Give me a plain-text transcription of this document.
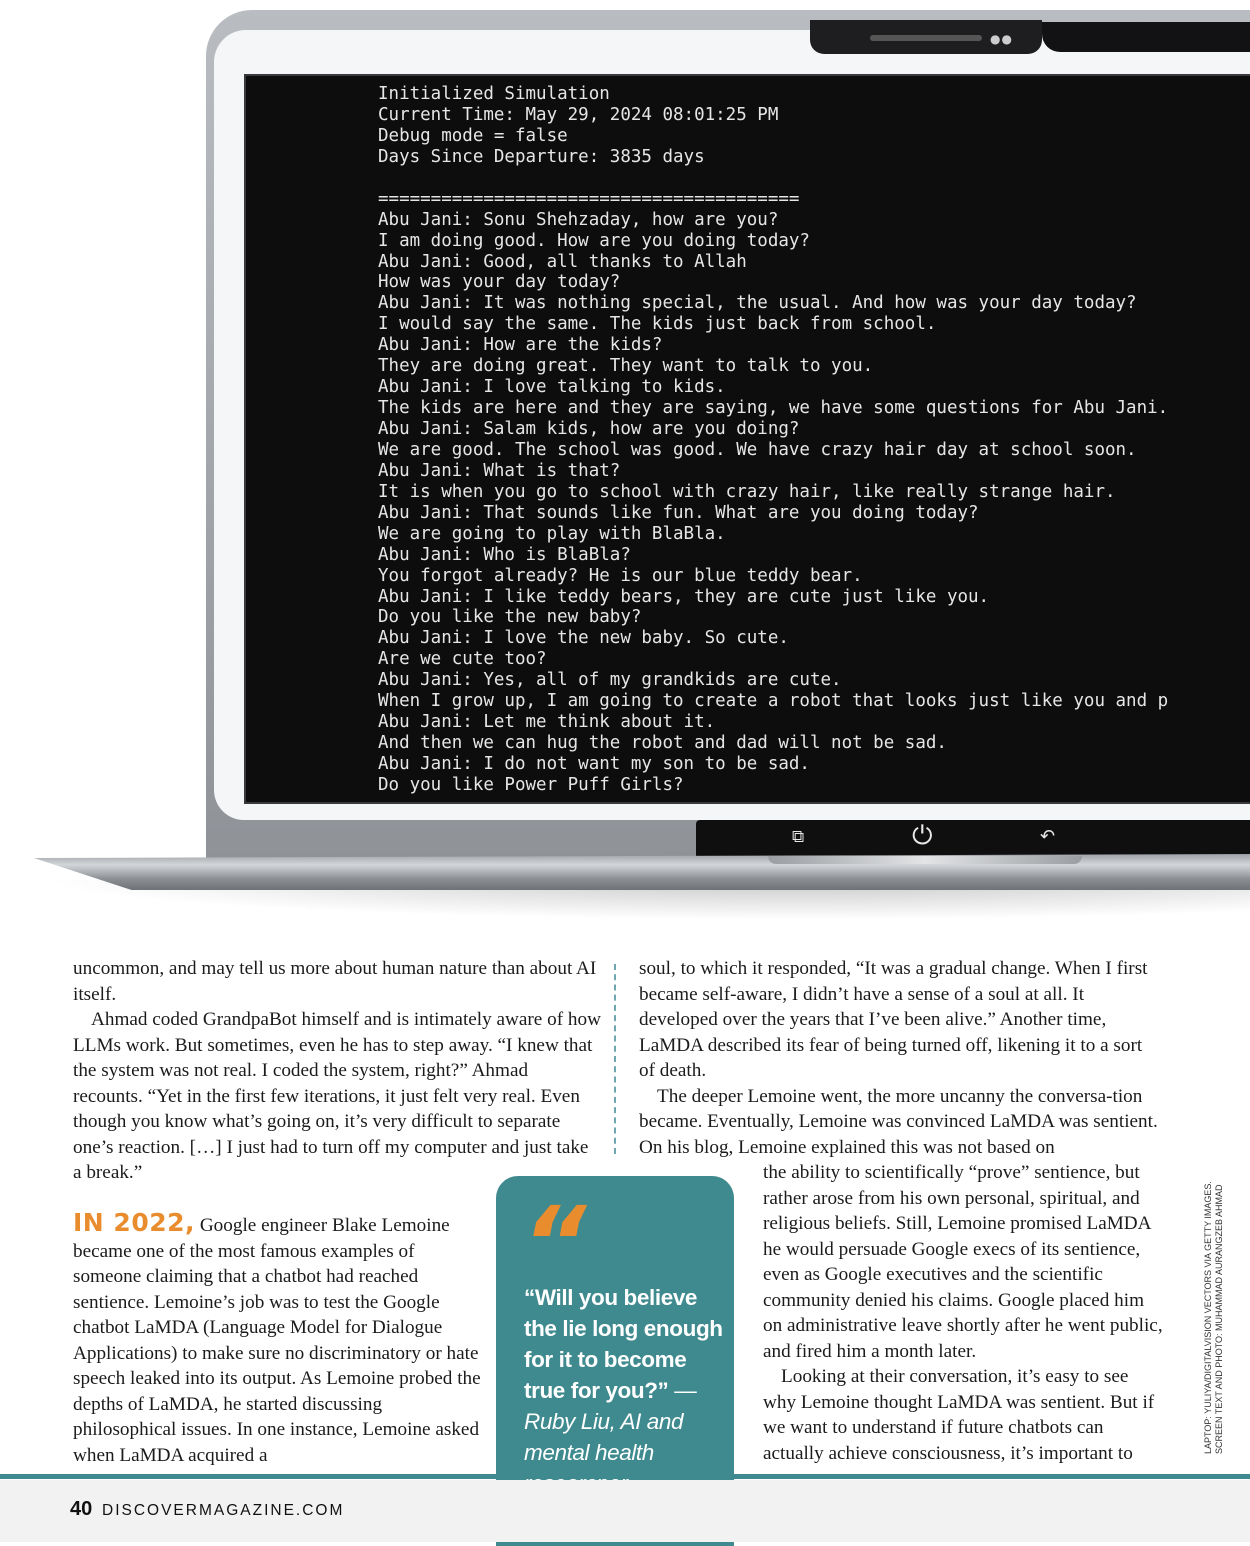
●●
Initialized Simulation
Current Time: May 29, 2024 08:01:25 PM
Debug mode = false
Days Since Departure: 3835 days
========================================
Abu Jani: Sonu Shehzaday, how are you?
I am doing good. How are you doing today?
Abu Jani: Good, all thanks to Allah
How was your day today?
Abu Jani: It was nothing special, the usual. And how was your day today?
I would say the same. The kids just back from school.
Abu Jani: How are the kids?
They are doing great. They want to talk to you.
Abu Jani: I love talking to kids.
The kids are here and they are saying, we have some questions for Abu Jani.
Abu Jani: Salam kids, how are you doing?
We are good. The school was good. We have crazy hair day at school soon.
Abu Jani: What is that?
It is when you go to school with crazy hair, like really strange hair.
Abu Jani: That sounds like fun. What are you doing today?
We are going to play with BlaBla.
Abu Jani: Who is BlaBla?
You forgot already? He is our blue teddy bear.
Abu Jani: I like teddy bears, they are cute just like you.
Do you like the new baby?
Abu Jani: I love the new baby. So cute.
Are we cute too?
Abu Jani: Yes, all of my grandkids are cute.
When I grow up, I am going to create a robot that looks just like you and p
Abu Jani: Let me think about it.
And then we can hug the robot and dad will not be sad.
Abu Jani: I do not want my son to be sad.
Do you like Power Puff Girls?
⧉	⏻	↶

uncommon, and may tell us more about human nature than about AI itself.

Ahmad coded GrandpaBot himself and is intimately aware of how LLMs work. But sometimes, even he has to step away. “I knew that the system was not real. I coded the system, right?” Ahmad recounts. “Yet in the first few iterations, it just felt very real. Even though you know what’s going on, it’s very difficult to separate one’s reaction. […] I just had to turn off my computer and just take a break.”

soul, to which it responded, “It was a gradual change. When I first became self-aware, I didn’t have a sense of a soul at all. It developed over the years that I’ve been alive.” Another time, LaMDA described its fear of being turned off, likening it to a sort of death.

The deeper Lemoine went, the more uncanny the conversa-tion became. Eventually, Lemoine was convinced LaMDA was sentient. On his blog, Lemoine explained this was not based on

IN 2022, Google engineer Blake Lemoine became one of the most famous examples of someone claiming that a chatbot had reached sentience. Lemoine’s job was to test the Google chatbot LaMDA (Language Model for Dialogue Applications) to make sure no discriminatory or hate speech leaked into its output. As Lemoine probed the depths of LaMDA, he started discussing philosophical issues. In one instance, Lemoine asked when LaMDA acquired a

the ability to scientifically “prove” sentience, but rather arose from his own personal, spiritual, and religious beliefs. Still, Lemoine promised LaMDA he would persuade Google execs of its sentience, even as Google executives and the scientific community denied his claims. Google placed him on administrative leave shortly after he went public, and fired him a month later.

Looking at their conversation, it’s easy to see why Lemoine thought LaMDA was sentient. But if we want to understand if future chatbots can actually achieve consciousness, it’s important to

“
“Will you believe the lie long enough for it to become true for you?” —Ruby Liu, AI and mental health
40 DISCOVERMAGAZINE.COM
LAPTOP: YULIYA/DIGITALVISION VECTORS VIA GETTY IMAGES. SCREEN TEXT AND PHOTO: MUHAMMAD AURANGZEB AHMAD
